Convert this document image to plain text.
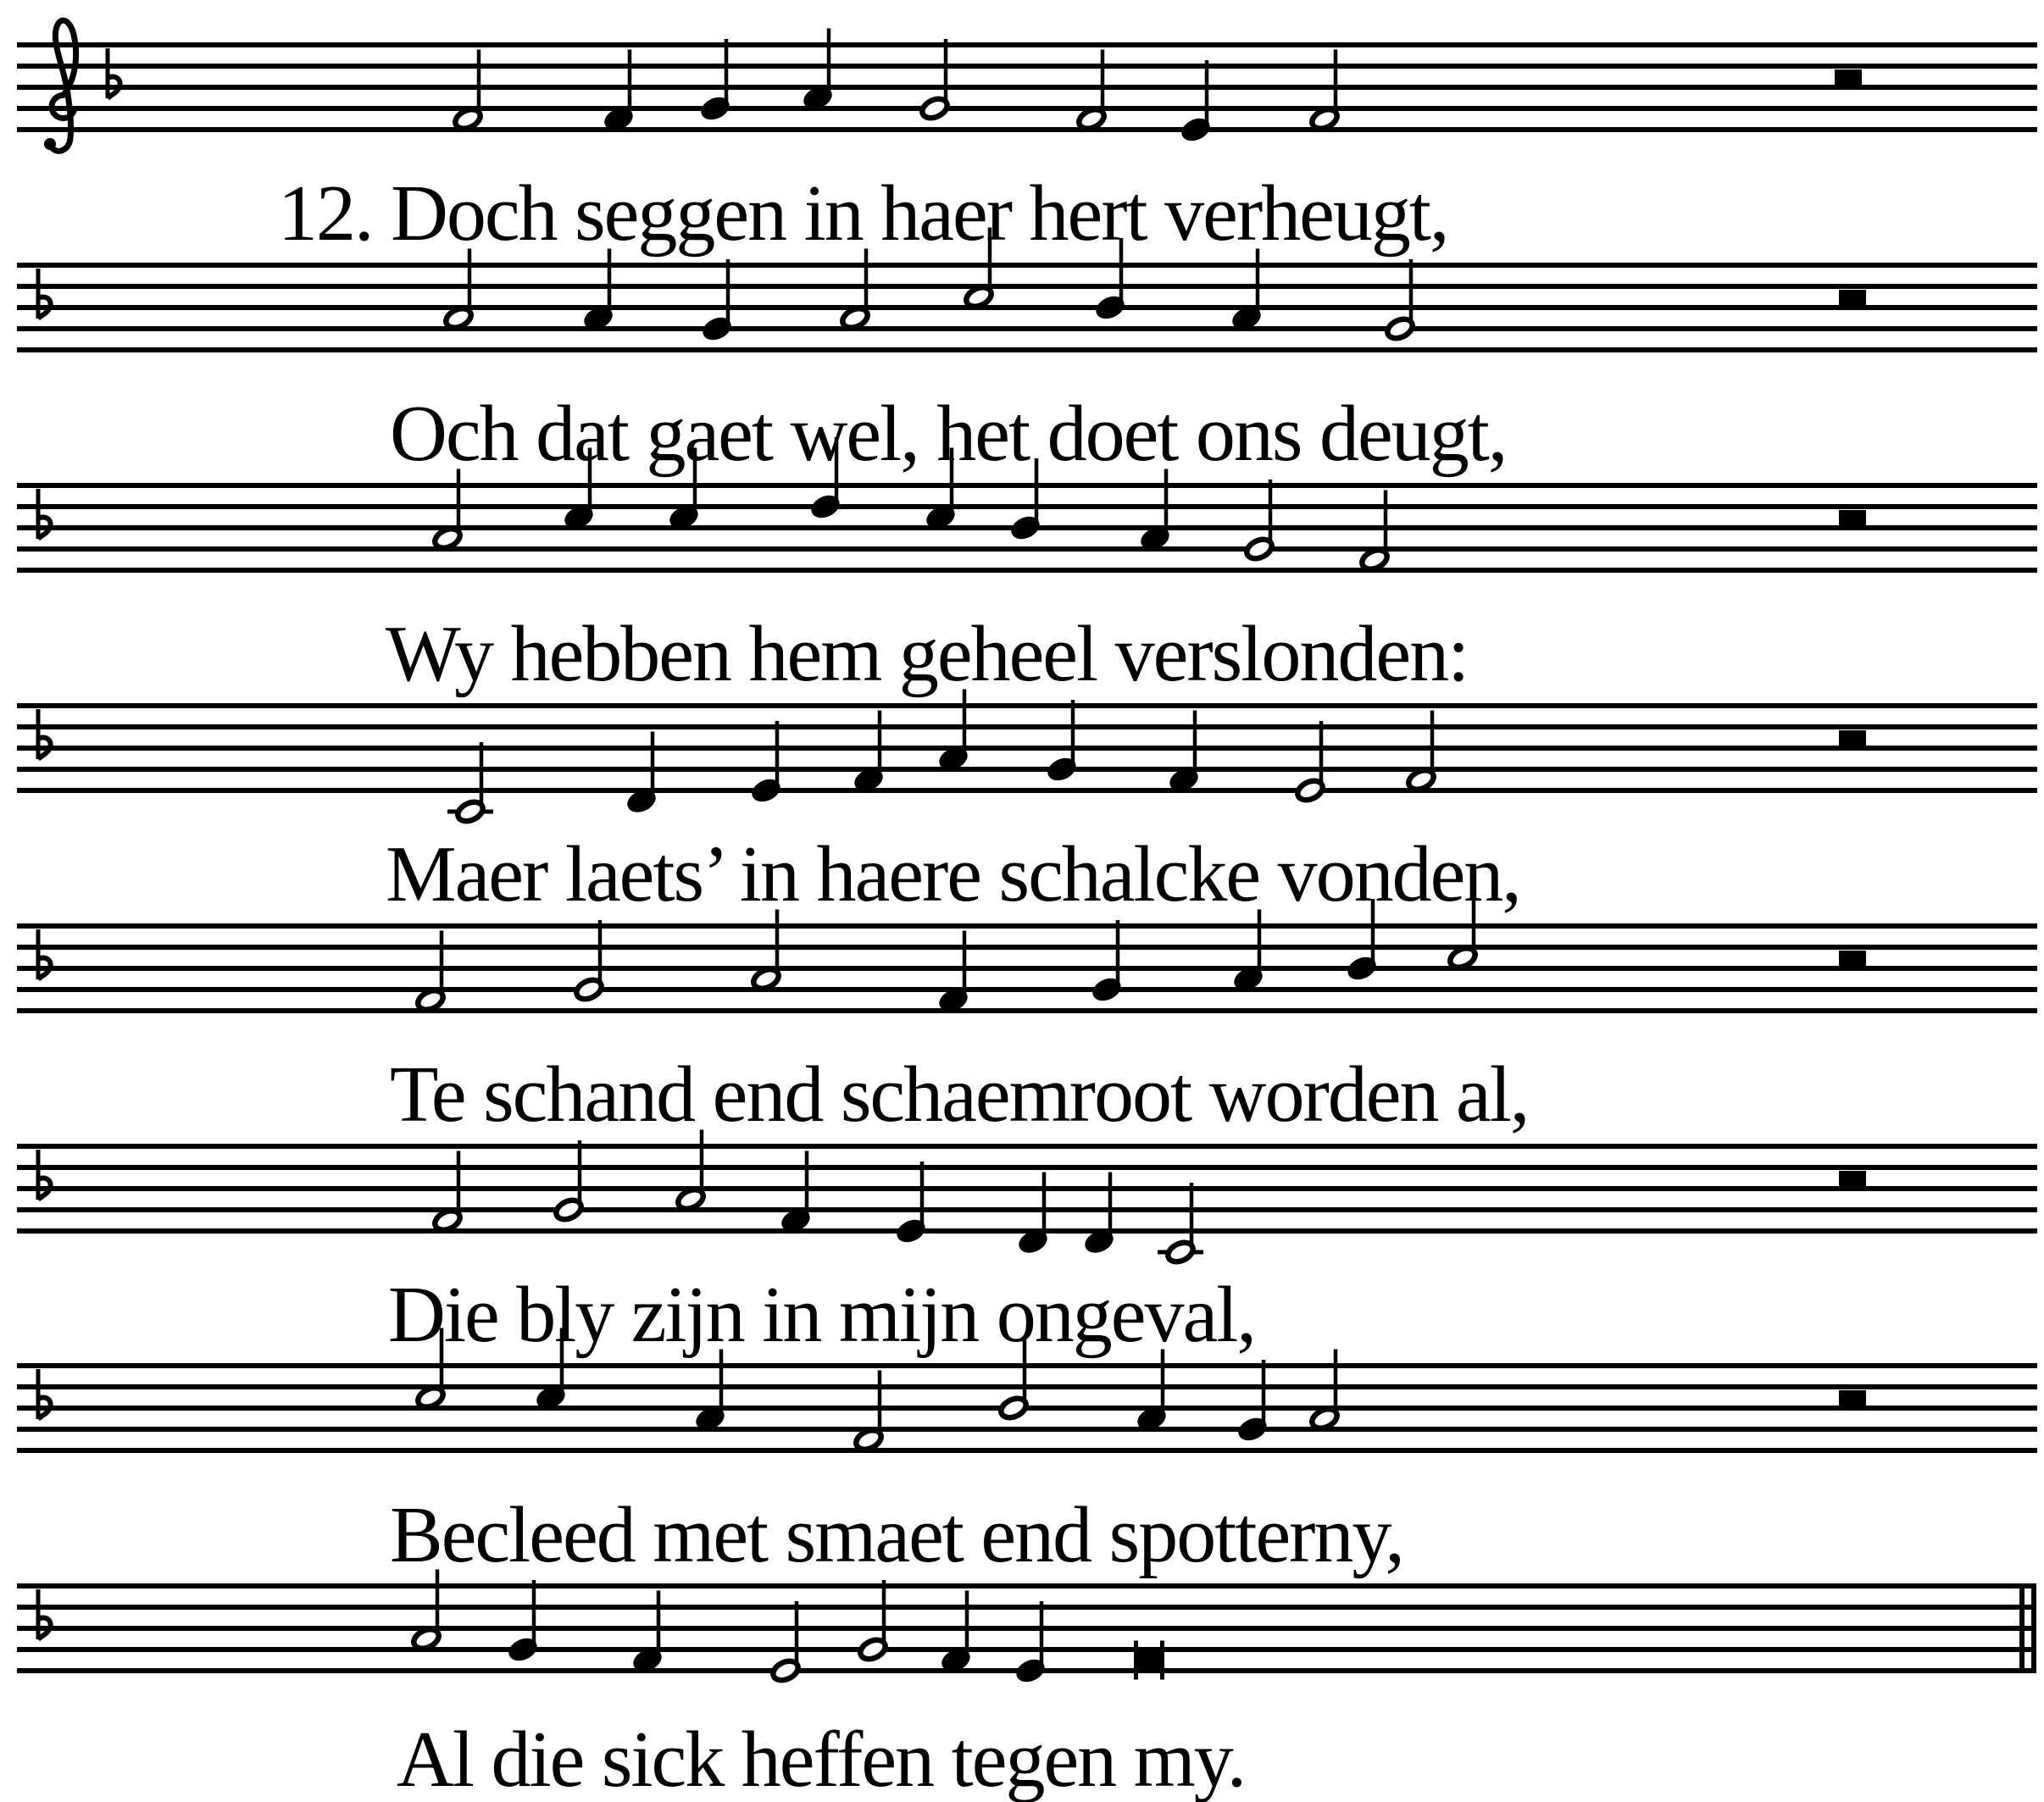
12. Doch seggen in haer hert verheugt,
Och dat gaet wel, het doet ons deugt,
Wy hebben hem geheel verslonden:
Maer laets’ in haere schalcke vonden,
Te schand end schaemroot worden al,
Die bly zijn in mijn ongeval,
Becleed met smaet end spotterny,
Al die sick heffen tegen my.
